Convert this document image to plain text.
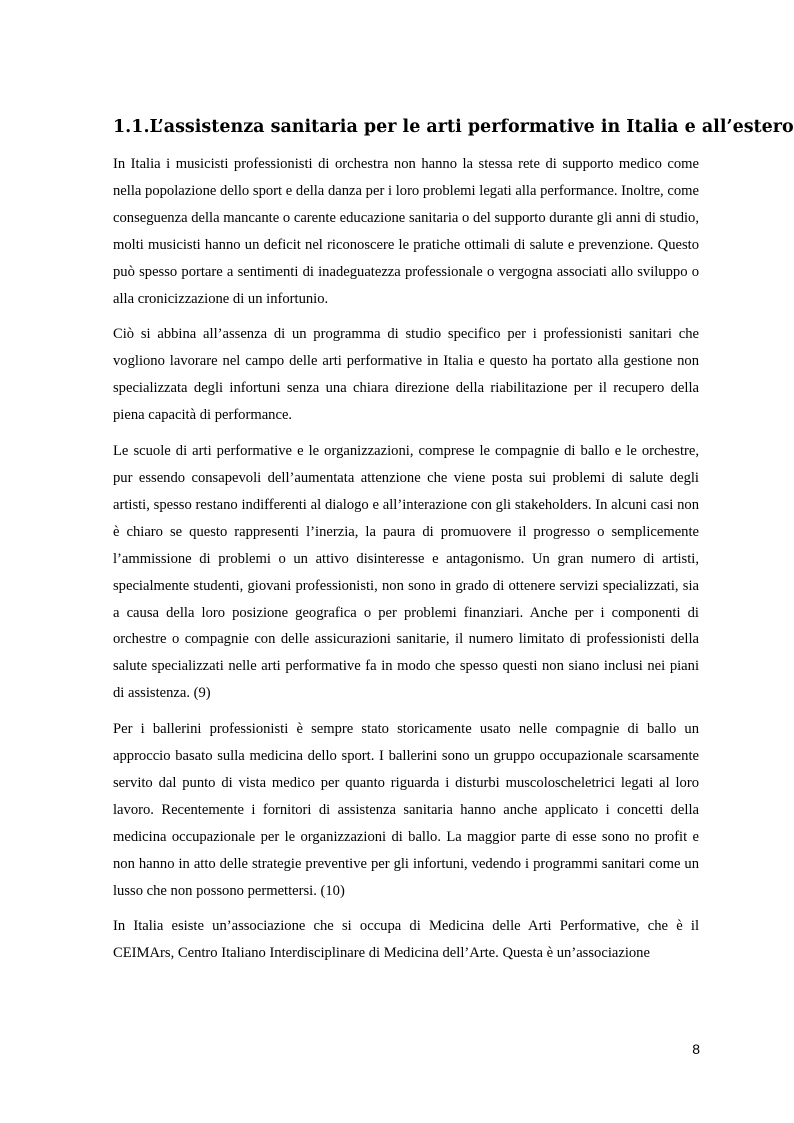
1.1.L’assistenza sanitaria per le arti performative in Italia e all’estero

In Italia i musicisti professionisti di orchestra non hanno la stessa rete di supporto medico come nella popolazione dello sport e della danza per i loro problemi legati alla performance. Inoltre, come conseguenza della mancante o carente educazione sanitaria o del supporto durante gli anni di studio, molti musicisti hanno un deficit nel riconoscere le pratiche ottimali di salute e prevenzione. Questo può spesso portare a sentimenti di inadeguatezza professionale o vergogna associati allo sviluppo o alla cronicizzazione di un infortunio.

Ciò si abbina all’assenza di un programma di studio specifico per i professionisti sanitari che vogliono lavorare nel campo delle arti performative in Italia e questo ha portato alla gestione non specializzata degli infortuni senza una chiara direzione della riabilitazione per il recupero della piena capacità di performance.

Le scuole di arti performative e le organizzazioni, comprese le compagnie di ballo e le orchestre, pur essendo consapevoli dell’aumentata attenzione che viene posta sui problemi di salute degli artisti, spesso restano indifferenti al dialogo e all’interazione con gli stakeholders. In alcuni casi non è chiaro se questo rappresenti l’inerzia, la paura di promuovere il progresso o semplicemente l’ammissione di problemi o un attivo disinteresse e antagonismo. Un gran numero di artisti, specialmente studenti, giovani professionisti, non sono in grado di ottenere servizi specializzati, sia a causa della loro posizione geografica o per problemi finanziari. Anche per i componenti di orchestre o compagnie con delle assicurazioni sanitarie, il numero limitato di professionisti della salute specializzati nelle arti performative fa in modo che spesso questi non siano inclusi nei piani di assistenza. (9)

Per i ballerini professionisti è sempre stato storicamente usato nelle compagnie di ballo un approccio basato sulla medicina dello sport. I ballerini sono un gruppo occupazionale scarsamente servito dal punto di vista medico per quanto riguarda i disturbi muscoloscheletrici legati al loro lavoro. Recentemente i fornitori di assistenza sanitaria hanno anche applicato i concetti della medicina occupazionale per le organizzazioni di ballo. La maggior parte di esse sono no profit e non hanno in atto delle strategie preventive per gli infortuni, vedendo i programmi sanitari come un lusso che non possono permettersi. (10)

In Italia esiste un’associazione che si occupa di Medicina delle Arti Performative, che è il CEIMArs, Centro Italiano Interdisciplinare di Medicina dell’Arte. Questa è un’associazione

8
